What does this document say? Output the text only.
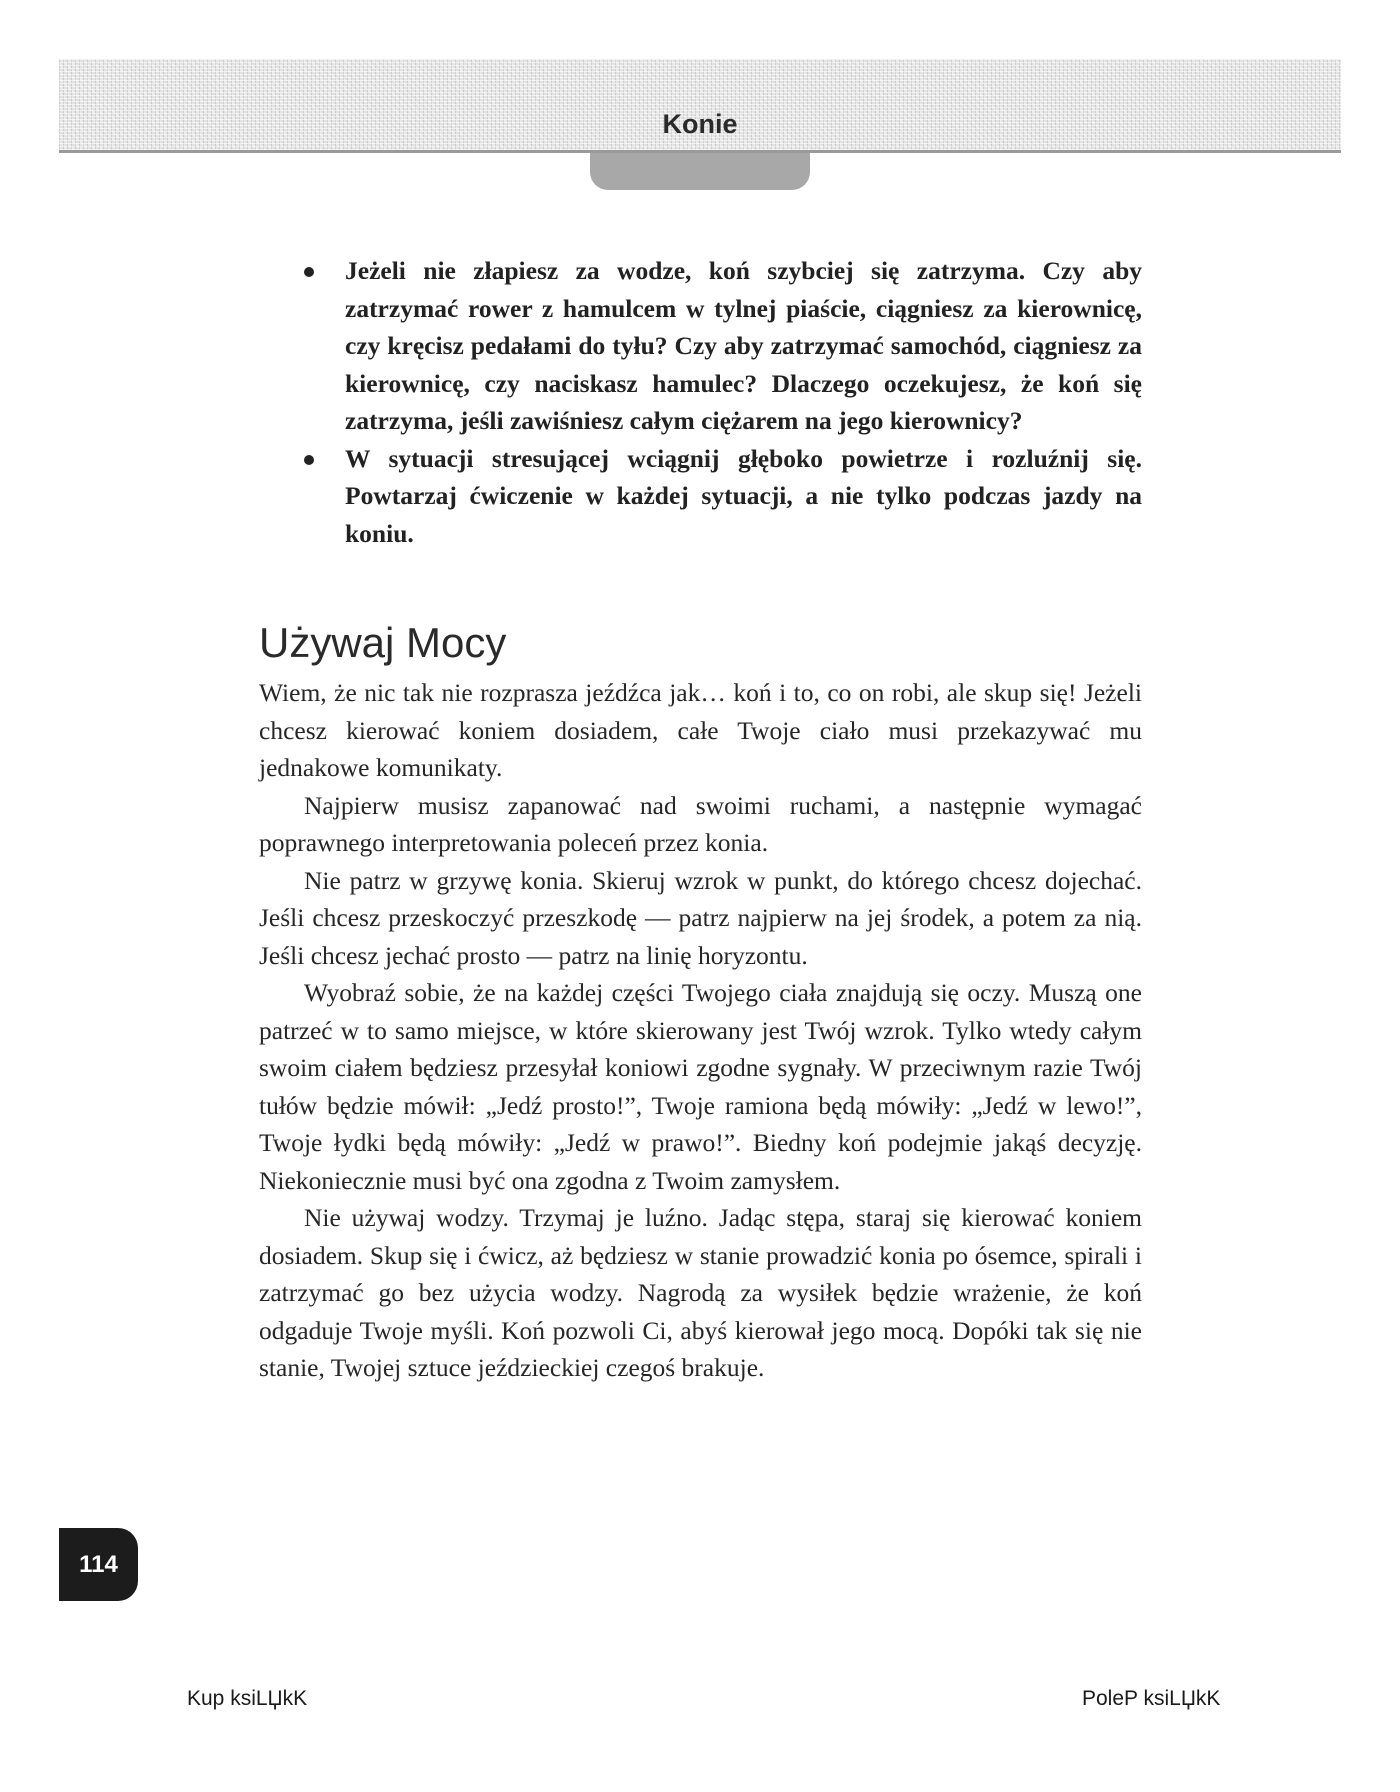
Konie
Jeżeli nie złapiesz za wodze, koń szybciej się zatrzyma. Czy aby zatrzymać rower z hamulcem w tylnej piaście, ciągniesz za kierownicę, czy kręcisz pedałami do tyłu? Czy aby zatrzymać samochód, ciągniesz za kierownicę, czy naciskasz hamulec? Dlaczego oczekujesz, że koń się zatrzyma, jeśli zawiśniesz całym ciężarem na jego kierownicy?
W sytuacji stresującej wciągnij głęboko powietrze i rozluźnij się. Powtarzaj ćwiczenie w każdej sytuacji, a nie tylko podczas jazdy na koniu.
Używaj Mocy

Wiem, że nic tak nie rozprasza jeźdźca jak… koń i to, co on robi, ale skup się! Jeżeli chcesz kierować koniem dosiadem, całe Twoje ciało musi przekazywać mu jednakowe komunikaty.

Najpierw musisz zapanować nad swoimi ruchami, a następnie wymagać poprawnego interpretowania poleceń przez konia.

Nie patrz w grzywę konia. Skieruj wzrok w punkt, do którego chcesz dojechać. Jeśli chcesz przeskoczyć przeszkodę — patrz najpierw na jej środek, a potem za nią. Jeśli chcesz jechać prosto — patrz na linię horyzontu.

Wyobraź sobie, że na każdej części Twojego ciała znajdują się oczy. Muszą one patrzeć w to samo miejsce, w które skierowany jest Twój wzrok. Tylko wtedy całym swoim ciałem będziesz przesyłał koniowi zgodne sygnały. W przeciwnym razie Twój tułów będzie mówił: „Jedź prosto!”, Twoje ramiona będą mówiły: „Jedź w lewo!”, Twoje łydki będą mówiły: „Jedź w prawo!”. Biedny koń podejmie jakąś decyzję. Niekoniecznie musi być ona zgodna z Twoim zamysłem.

Nie używaj wodzy. Trzymaj je luźno. Jadąc stępa, staraj się kierować koniem dosiadem. Skup się i ćwicz, aż będziesz w stanie prowadzić konia po ósemce, spirali i zatrzymać go bez użycia wodzy. Nagrodą za wysiłek będzie wrażenie, że koń odgaduje Twoje myśli. Koń pozwoli Ci, abyś kierował jego mocą. Dopóki tak się nie stanie, Twojej sztuce jeździeckiej czegoś brakuje.

114
Kup ksiLЏkK	PoleP ksiLЏkK
